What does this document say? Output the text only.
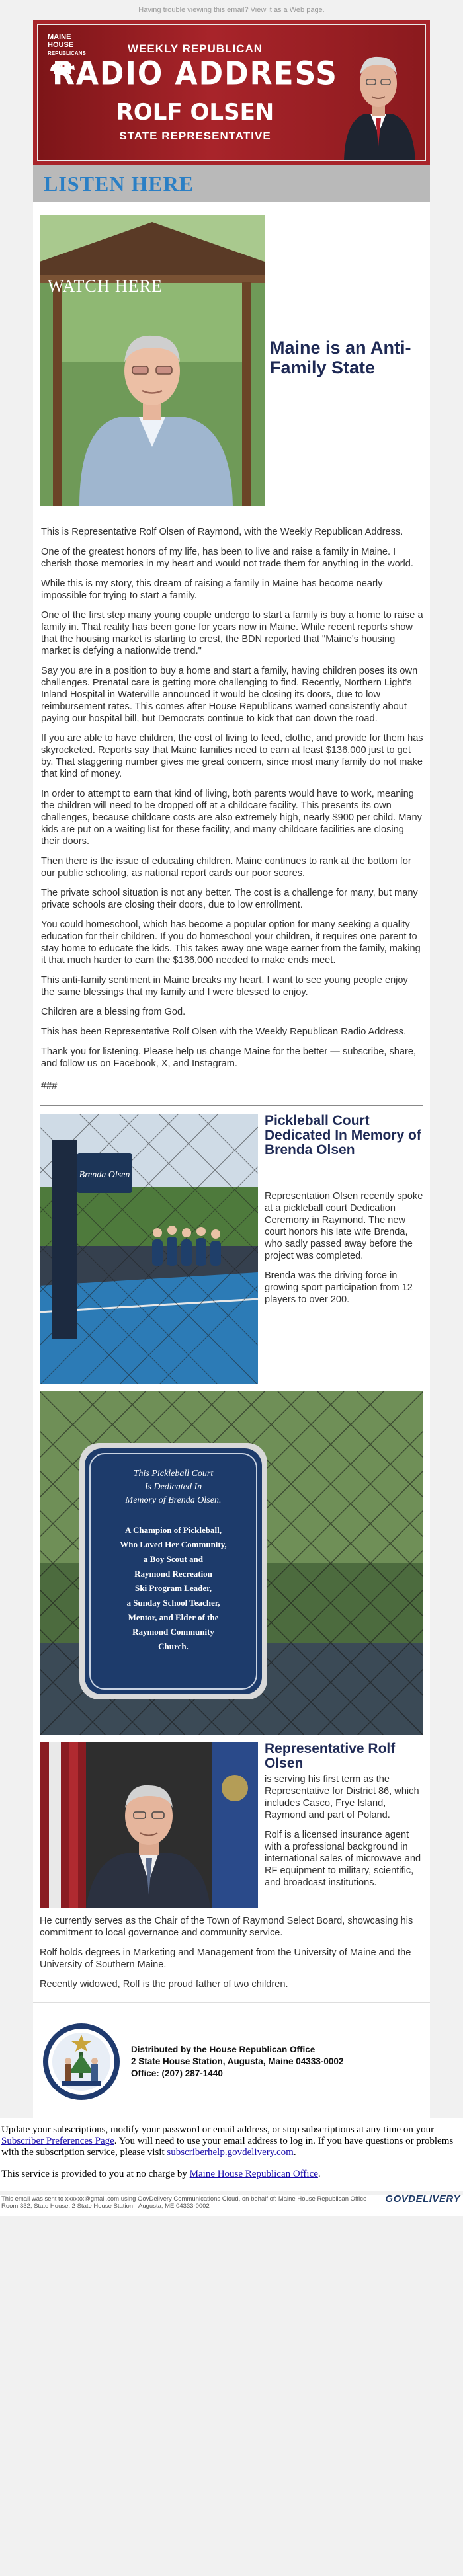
Having trouble viewing this email? View it as a Web page.
MAINE HOUSE
REPUBLICANS	WEEKLY REPUBLICAN
RADIO ADDRESS
ROLF OLSEN
STATE REPRESENTATIVE
LISTEN HERE
WATCH HERE
Maine is an Anti-Family State

This is Representative Rolf Olsen of Raymond, with the Weekly Republican Address.

One of the greatest honors of my life, has been to live and raise a family in Maine. I cherish those memories in my heart and would not trade them for anything in the world.

While this is my story, this dream of raising a family in Maine has become nearly impossible for trying to start a family.

One of the first step many young couple undergo to start a family is buy a home to raise a family in. That reality has been gone for years now in Maine. While recent reports show that the housing market is starting to crest, the BDN reported that "Maine's housing market is defying a nationwide trend."

Say you are in a position to buy a home and start a family, having children poses its own challenges. Prenatal care is getting more challenging to find. Recently, Northern Light's Inland Hospital in Waterville announced it would be closing its doors, due to low reimbursement rates. This comes after House Republicans warned consistently about paying our hospital bill, but Democrats continue to kick that can down the road.

If you are able to have children, the cost of living to feed, clothe, and provide for them has skyrocketed. Reports say that Maine families need to earn at least $136,000 just to get by. That staggering number gives me great concern, since most many family do not make that kind of money.

In order to attempt to earn that kind of living, both parents would have to work, meaning the children will need to be dropped off at a childcare facility. This presents its own challenges, because childcare costs are also extremely high, nearly $900 per child. Many kids are put on a waiting list for these facility, and many childcare facilities are closing their doors.

Then there is the issue of educating children. Maine continues to rank at the bottom for our public schooling, as national report cards our poor scores.

The private school situation is not any better. The cost is a challenge for many, but many private schools are closing their doors, due to low enrollment.

You could homeschool, which has become a popular option for many seeking a quality education for their children. If you do homeschool your children, it requires one parent to stay home to educate the kids. This takes away one wage earner from the family, making it that much harder to earn the $136,000 needed to make ends meet.

This anti-family sentiment in Maine breaks my heart. I want to see young people enjoy the same blessings that my family and I were blessed to enjoy.

Children are a blessing from God.

This has been Representative Rolf Olsen with the Weekly Republican Radio Address.

Thank you for listening. Please help us change Maine for the better — subscribe, share, and follow us on Facebook, X, and Instagram.

###

Brenda Olsen
Pickleball Court Dedicated In Memory of Brenda Olsen

Representation Olsen recently spoke at a pickleball court Dedication Ceremony in Raymond. The new court honors his late wife Brenda, who sadly passed away before the project was completed.

Brenda was the driving force in growing sport participation from 12 players to over 200.

This Pickleball Court
Is Dedicated In
Memory of Brenda Olsen.
A Champion of Pickleball,
Who Loved Her Community,
a Boy Scout and
Raymond Recreation
Ski Program Leader,
a Sunday School Teacher,
Mentor, and Elder of the
Raymond Community
Church.
Representative Rolf Olsen

is serving his first term as the Representative for District 86, which includes Casco, Frye Island, Raymond and part of Poland.

Rolf is a licensed insurance agent with a professional background in international sales of microwave and RF equipment to military, scientific, and broadcast institutions.

He currently serves as the Chair of the Town of Raymond Select Board, showcasing his commitment to local governance and community service.

Rolf holds degrees in Marketing and Management from the University of Maine and the University of Southern Maine.

Recently widowed, Rolf is the proud father of two children.

Distributed by the House Republican Office
2 State House Station, Augusta, Maine 04333-0002
Office: (207) 287-1440

Update your subscriptions, modify your password or email address, or stop subscriptions at any time on your Subscriber Preferences Page. You will need to use your email address to log in. If you have questions or problems with the subscription service, please visit subscriberhelp.govdelivery.com.

This service is provided to you at no charge by Maine House Republican Office.

This email was sent to xxxxxx@gmail.com using GovDelivery Communications Cloud, on behalf of: Maine House Republican Office ·
Room 332, State House, 2 State House Station · Augusta, ME 04333-0002
GOVDELIVERY
